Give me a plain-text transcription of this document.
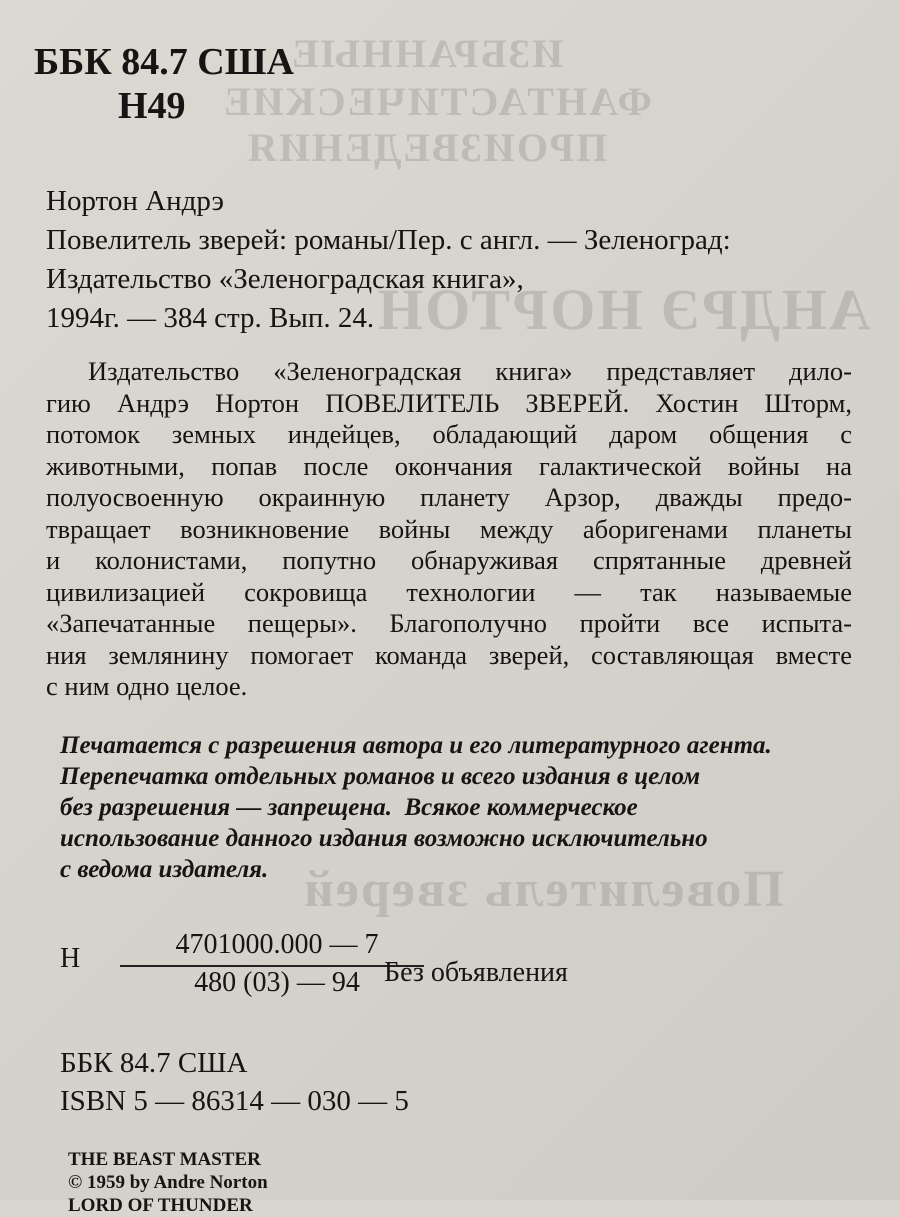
ИЗБРАННЫЕ
ФАНТАСТИЧЕСКИЕ
ПРОИЗВЕДЕНИЯ
АНДРЭ НОРТОН
Повелитель зверей
ББК 84.7 США
Н49
Нортон Андрэ
Повелитель зверей: романы/Пер. с англ. — Зеленоград:
Издательство «Зеленоградская книга»,
1994г. — 384 стр. Вып. 24.
Издательство «Зеленоградская книга» представляет дило-
гию Андрэ Нортон ПОВЕЛИТЕЛЬ ЗВЕРЕЙ. Хостин Шторм,
потомок земных индейцев, обладающий даром общения с
животными, попав после окончания галактической войны на
полуосвоенную окраинную планету Арзор, дважды предо-
твращает возникновение войны между аборигенами планеты
и колонистами, попутно обнаруживая спрятанные древней
цивилизацией сокровища технологии — так называемые
«Запечатанные пещеры». Благополучно пройти все испыта-
ния землянину помогает команда зверей, составляющая вместе
с ним одно целое.
Печатается с разрешения автора и его литературного агента.
Перепечатка отдельных романов и всего издания в целом
без разрешения — запрещена.  Всякое коммерческое
использование данного издания возможно исключительно
с ведома издателя.
Н	4701000.000 — 7
480 (03) — 94 Без объявления
ББК 84.7 США
ISBN 5 — 86314 — 030 — 5
THE BEAST MASTER
© 1959 by Andre Norton
LORD OF THUNDER
